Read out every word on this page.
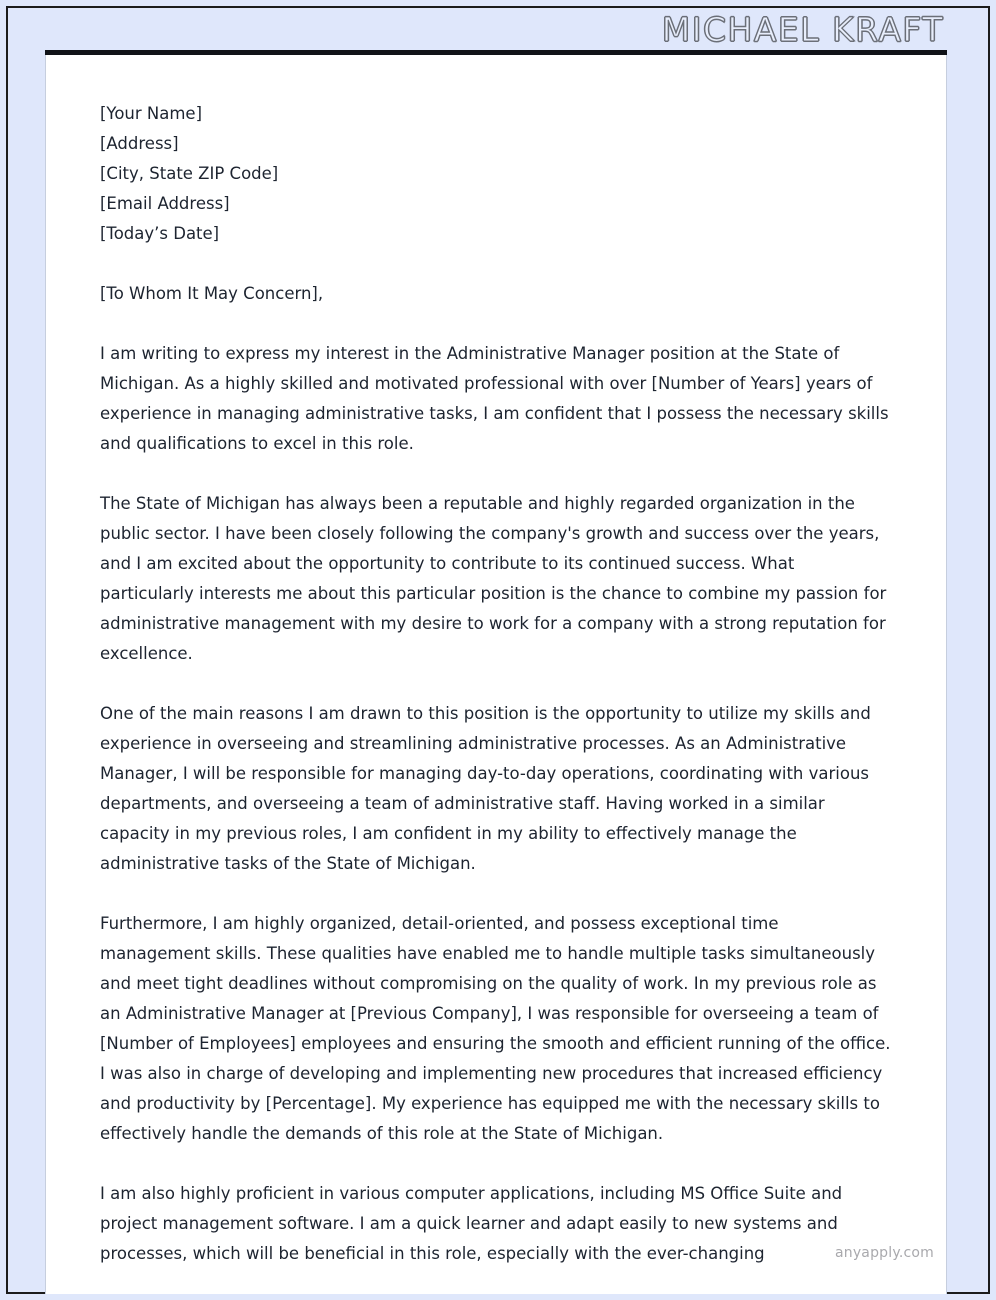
MICHAEL KRAFT
[Your Name]
[Address]
[City, State ZIP Code]
[Email Address]
[Today’s Date]
[To Whom It May Concern],

I am writing to express my interest in the Administrative Manager position at the State of Michigan. As a highly skilled and motivated professional with over [Number of Years] years of experience in managing administrative tasks, I am confident that I possess the necessary skills and qualifications to excel in this role.

The State of Michigan has always been a reputable and highly regarded organization in the public sector. I have been closely following the company's growth and success over the years, and I am excited about the opportunity to contribute to its continued success. What particularly interests me about this particular position is the chance to combine my passion for administrative management with my desire to work for a company with a strong reputation for excellence.

One of the main reasons I am drawn to this position is the opportunity to utilize my skills and experience in overseeing and streamlining administrative processes. As an Administrative Manager, I will be responsible for managing day-to-day operations, coordinating with various departments, and overseeing a team of administrative staff. Having worked in a similar capacity in my previous roles, I am confident in my ability to effectively manage the administrative tasks of the State of Michigan.

Furthermore, I am highly organized, detail-oriented, and possess exceptional time management skills. These qualities have enabled me to handle multiple tasks simultaneously and meet tight deadlines without compromising on the quality of work. In my previous role as an Administrative Manager at [Previous Company], I was responsible for overseeing a team of [Number of Employees] employees and ensuring the smooth and efficient running of the office. I was also in charge of developing and implementing new procedures that increased efficiency and productivity by [Percentage]. My experience has equipped me with the necessary skills to effectively handle the demands of this role at the State of Michigan.

I am also highly proficient in various computer applications, including MS Office Suite and project management software. I am a quick learner and adapt easily to new systems and processes, which will be beneficial in this role, especially with the ever-changing	anyapply.com
